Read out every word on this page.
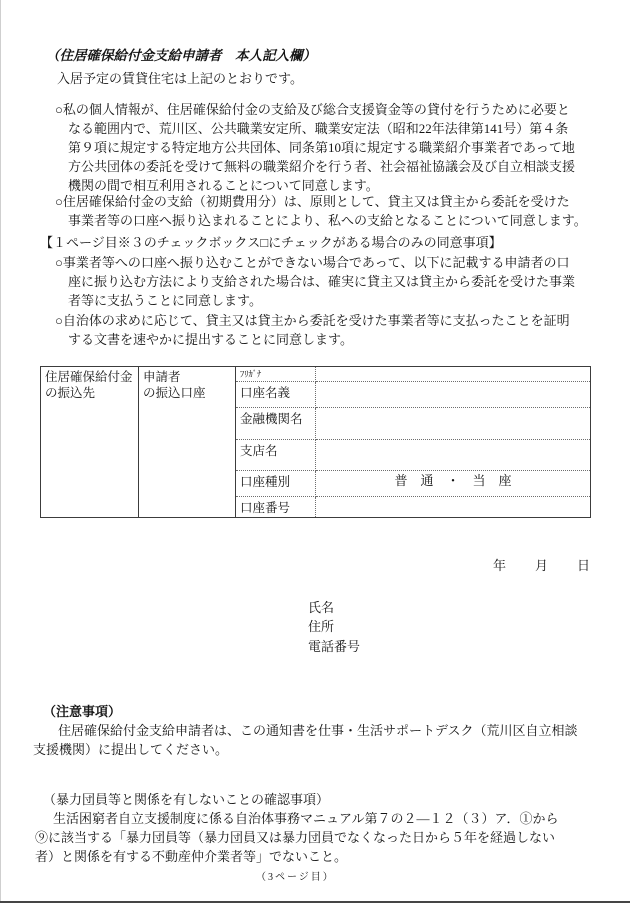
（住居確保給付金支給申請者　本人記入欄）
入居予定の賃貸住宅は上記のとおりです。
○私の個人情報が、住居確保給付金の支給及び総合支援資金等の貸付を行うために必要と
なる範囲内で、荒川区、公共職業安定所、職業安定法（昭和22年法律第141号）第４条
第９項に規定する特定地方公共団体、同条第10項に規定する職業紹介事業者であって地
方公共団体の委託を受けて無料の職業紹介を行う者、社会福祉協議会及び自立相談支援
機関の間で相互利用されることについて同意します。
○住居確保給付金の支給（初期費用分）は、原則として、貸主又は貸主から委託を受けた
事業者等の口座へ振り込まれることにより、私への支給となることについて同意します。
【１ページ目※３のチェックボックス□にチェックがある場合のみの同意事項】
○事業者等への口座へ振り込むことができない場合であって、以下に記載する申請者の口
座に振り込む方法により支給された場合は、確実に貸主又は貸主から委託を受けた事業
者等に支払うことに同意します。
○自治体の求めに応じて、貸主又は貸主から委託を受けた事業者等に支払ったことを証明
する文書を速やかに提出することに同意します。
住居確保給付金
の振込先
申請者
の振込口座
ﾌﾘｶﾞﾅ
口座名義
金融機関名
支店名
口座種別	普　通　・　当　座
口座番号
年　　月　　日
氏名
住所
電話番号
（注意事項）
住居確保給付金支給申請者は、この通知書を仕事・生活サポートデスク（荒川区自立相談
支援機関）に提出してください。
（暴力団員等と関係を有しないことの確認事項）
生活困窮者自立支援制度に係る自治体事務マニュアル第７の２―１２（３）ア．①から
⑨に該当する「暴力団員等（暴力団員又は暴力団員でなくなった日から５年を経過しない
者）と関係を有する不動産仲介業者等」でないこと。
（3ページ目）
